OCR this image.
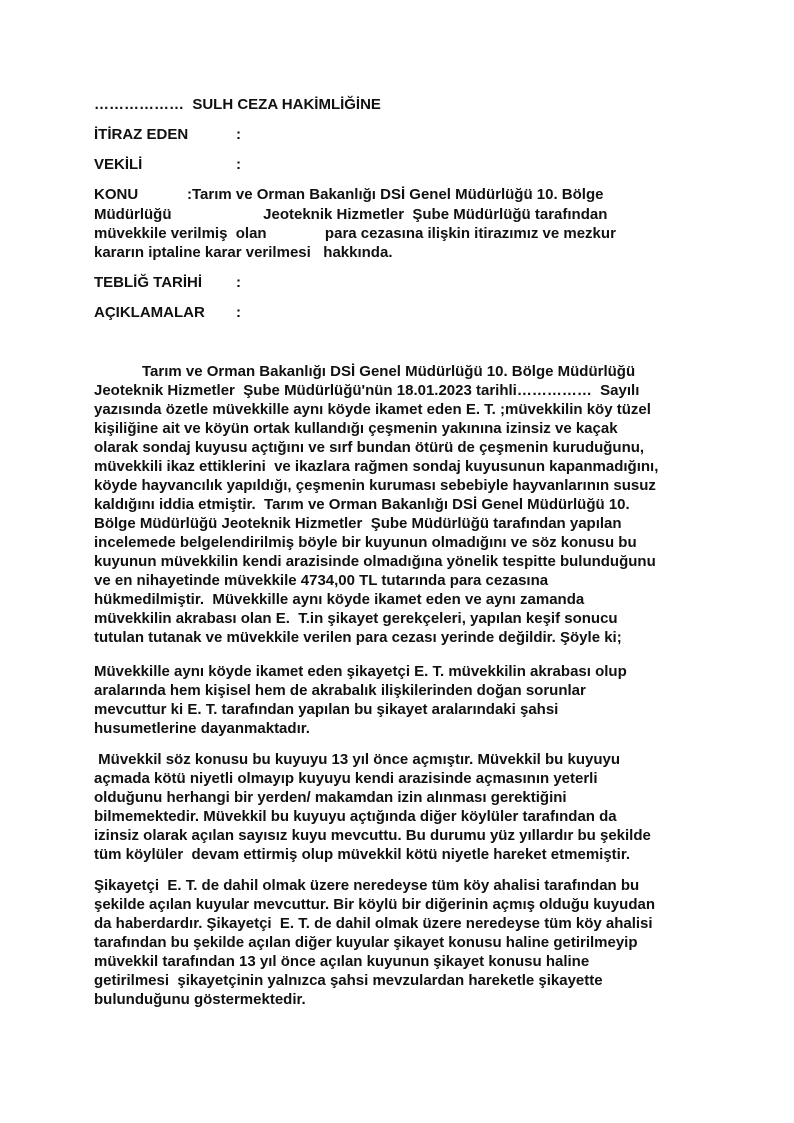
………………  SULH CEZA HAKİMLİĞİNE
İTİRAZ EDEN	:
VEKİLİ	:
KONU	:Tarım ve Orman Bakanlığı DSİ Genel Müdürlüğü 10. Bölge
Müdürlüğü                      Jeoteknik Hizmetler  Şube Müdürlüğü tarafından
müvekkile verilmiş  olan              para cezasına ilişkin itirazımız ve mezkur
kararın iptaline karar verilmesi   hakkında.
TEBLİĞ TARİHİ :
AÇIKLAMALAR :
Tarım ve Orman Bakanlığı DSİ Genel Müdürlüğü 10. Bölge Müdürlüğü
Jeoteknik Hizmetler  Şube Müdürlüğü'nün 18.01.2023 tarihli……………  Sayılı
yazısında özetle müvekkille aynı köyde ikamet eden E. T. ;müvekkilin köy tüzel
kişiliğine ait ve köyün ortak kullandığı çeşmenin yakınına izinsiz ve kaçak
olarak sondaj kuyusu açtığını ve sırf bundan ötürü de çeşmenin kuruduğunu,
müvekkili ikaz ettiklerini  ve ikazlara rağmen sondaj kuyusunun kapanmadığını,
köyde hayvancılık yapıldığı, çeşmenin kuruması sebebiyle hayvanlarının susuz
kaldığını iddia etmiştir.  Tarım ve Orman Bakanlığı DSİ Genel Müdürlüğü 10.
Bölge Müdürlüğü Jeoteknik Hizmetler  Şube Müdürlüğü tarafından yapılan
incelemede belgelendirilmiş böyle bir kuyunun olmadığını ve söz konusu bu
kuyunun müvekkilin kendi arazisinde olmadığına yönelik tespitte bulunduğunu
ve en nihayetinde müvekkile 4734,00 TL tutarında para cezasına
hükmedilmiştir.  Müvekkille aynı köyde ikamet eden ve aynı zamanda
müvekkilin akrabası olan E.  T.in şikayet gerekçeleri, yapılan keşif sonucu
tutulan tutanak ve müvekkile verilen para cezası yerinde değildir. Şöyle ki;
Müvekkille aynı köyde ikamet eden şikayetçi E. T. müvekkilin akrabası olup
aralarında hem kişisel hem de akrabalık ilişkilerinden doğan sorunlar
mevcuttur ki E. T. tarafından yapılan bu şikayet aralarındaki şahsi
husumetlerine dayanmaktadır.
Müvekkil söz konusu bu kuyuyu 13 yıl önce açmıştır. Müvekkil bu kuyuyu
açmada kötü niyetli olmayıp kuyuyu kendi arazisinde açmasının yeterli
olduğunu herhangi bir yerden/ makamdan izin alınması gerektiğini
bilmemektedir. Müvekkil bu kuyuyu açtığında diğer köylüler tarafından da
izinsiz olarak açılan sayısız kuyu mevcuttu. Bu durumu yüz yıllardır bu şekilde
tüm köylüler  devam ettirmiş olup müvekkil kötü niyetle hareket etmemiştir.
Şikayetçi  E. T. de dahil olmak üzere neredeyse tüm köy ahalisi tarafından bu
şekilde açılan kuyular mevcuttur. Bir köylü bir diğerinin açmış olduğu kuyudan
da haberdardır. Şikayetçi  E. T. de dahil olmak üzere neredeyse tüm köy ahalisi
tarafından bu şekilde açılan diğer kuyular şikayet konusu haline getirilmeyip
müvekkil tarafından 13 yıl önce açılan kuyunun şikayet konusu haline
getirilmesi  şikayetçinin yalnızca şahsi mevzulardan hareketle şikayette
bulunduğunu göstermektedir.
